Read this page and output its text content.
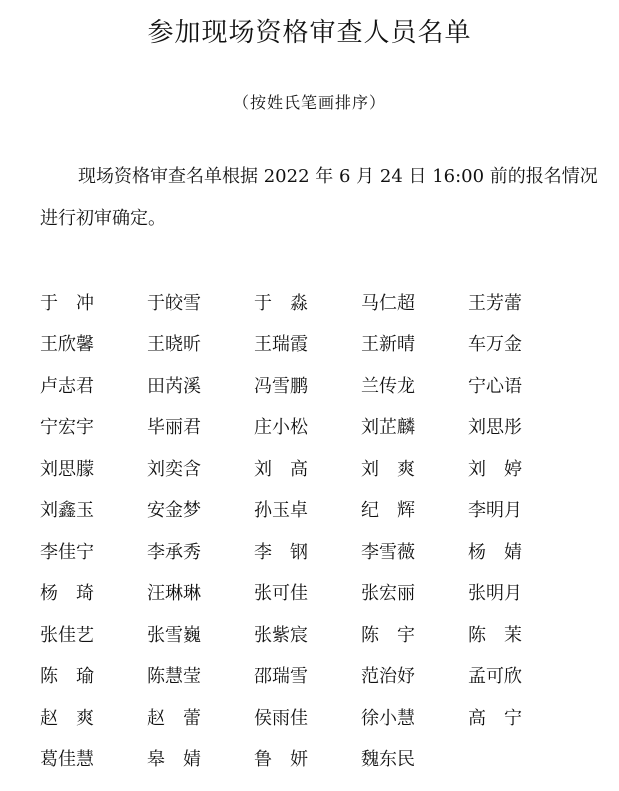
参加现场资格审查人员名单
（按姓氏笔画排序）

现场资格审查名单根据 2022 年 6 月 24 日 16:00 前的报名情况进行初审确定。

于　冲	于皎雪	于　淼	马仁超	王芳蕾
王欣馨	王晓昕	王瑞霞	王新晴	车万金
卢志君	田芮溪	冯雪鹏	兰传龙	宁心语
宁宏宇	毕丽君	庄小松	刘芷麟	刘思彤
刘思朦	刘奕含	刘　高	刘　爽	刘　婷
刘鑫玉	安金梦	孙玉卓	纪　辉	李明月
李佳宁	李承秀	李　钢	李雪薇	杨　婧
杨　琦	汪琳琳	张可佳	张宏丽	张明月
张佳艺	张雪巍	张紫宸	陈　宇	陈　茉
陈　瑜	陈慧莹	邵瑞雪	范治妤	孟可欣
赵　爽	赵　蕾	侯雨佳	徐小慧	高　宁
葛佳慧	皋　婧	鲁　妍	魏东民
